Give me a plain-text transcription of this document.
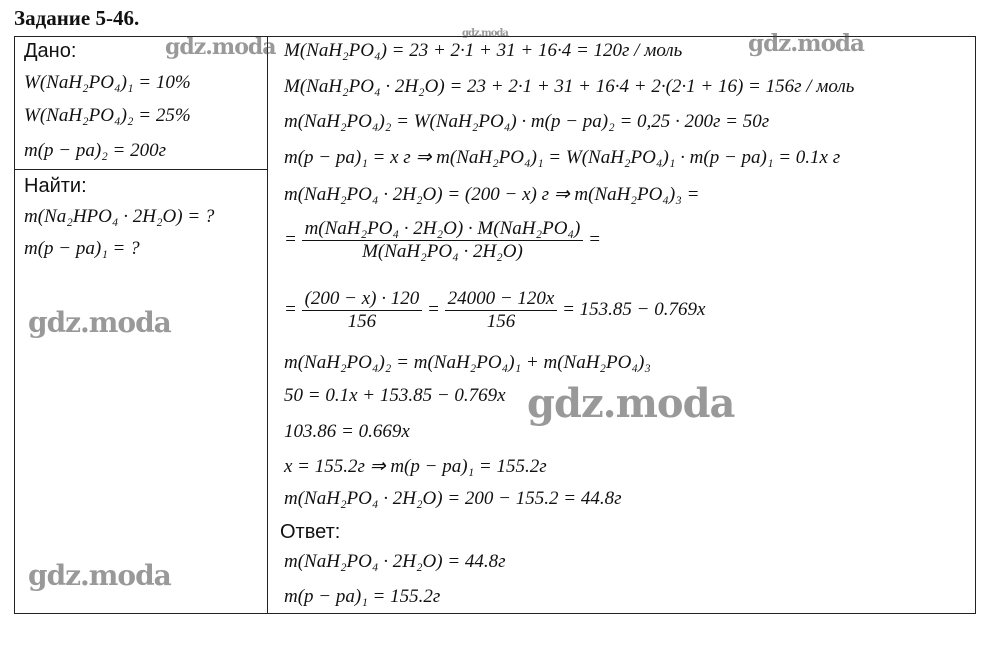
Задание 5-46.
Дано:
W(NaH₂PO₄)₁ = 10%
W(NaH₂PO₄)₂ = 25%
m(p − pa)₂ = 200г
Найти:
m(Na₂HPO₄ · 2H₂O) = ?
m(p − pa)₁ = ?
M(NaH₂PO₄) = 23 + 2·1 + 31 + 16·4 = 120г / моль
M(NaH₂PO₄ · 2H₂O) = 23 + 2·1 + 31 + 16·4 + 2·(2·1 + 16) = 156г / моль
m(NaH₂PO₄)₂ = W(NaH₂PO₄) · m(p − pa)₂ = 0,25 · 200г = 50г
m(p − pa)₁ = x г ⇒ m(NaH₂PO₄)₁ = W(NaH₂PO₄)₁ · m(p − pa)₁ = 0.1x г
m(NaH₂PO₄ · 2H₂O) = (200 − x) г ⇒ m(NaH₂PO₄)₃ =
= $\frac{\text{m(NaH₂PO₄ · 2H₂O) · M(NaH₂PO₄)}}{\text{M(NaH₂PO₄ · 2H₂O)}}$ =
= $\frac{(200 - x) \cdot 120}{156} = \frac{24000 - 120x}{156} = 153.85 - 0.769x$
m(NaH₂PO₄)₂ = m(NaH₂PO₄)₁ + m(NaH₂PO₄)₃
50 = 0.1x + 153.85 − 0.769x
103.86 = 0.669x
x = 155.2г ⇒ m(p − pa)₁ = 155.2г
m(NaH₂PO₄ · 2H₂O) = 200 − 155.2 = 44.8г
Ответ:
m(NaH₂PO₄ · 2H₂O) = 44.8г
m(p − pa)₁ = 155.2г
gdz.moda
gdz.moda	gdz.moda
gdz.moda
gdz.moda
gdz.moda
